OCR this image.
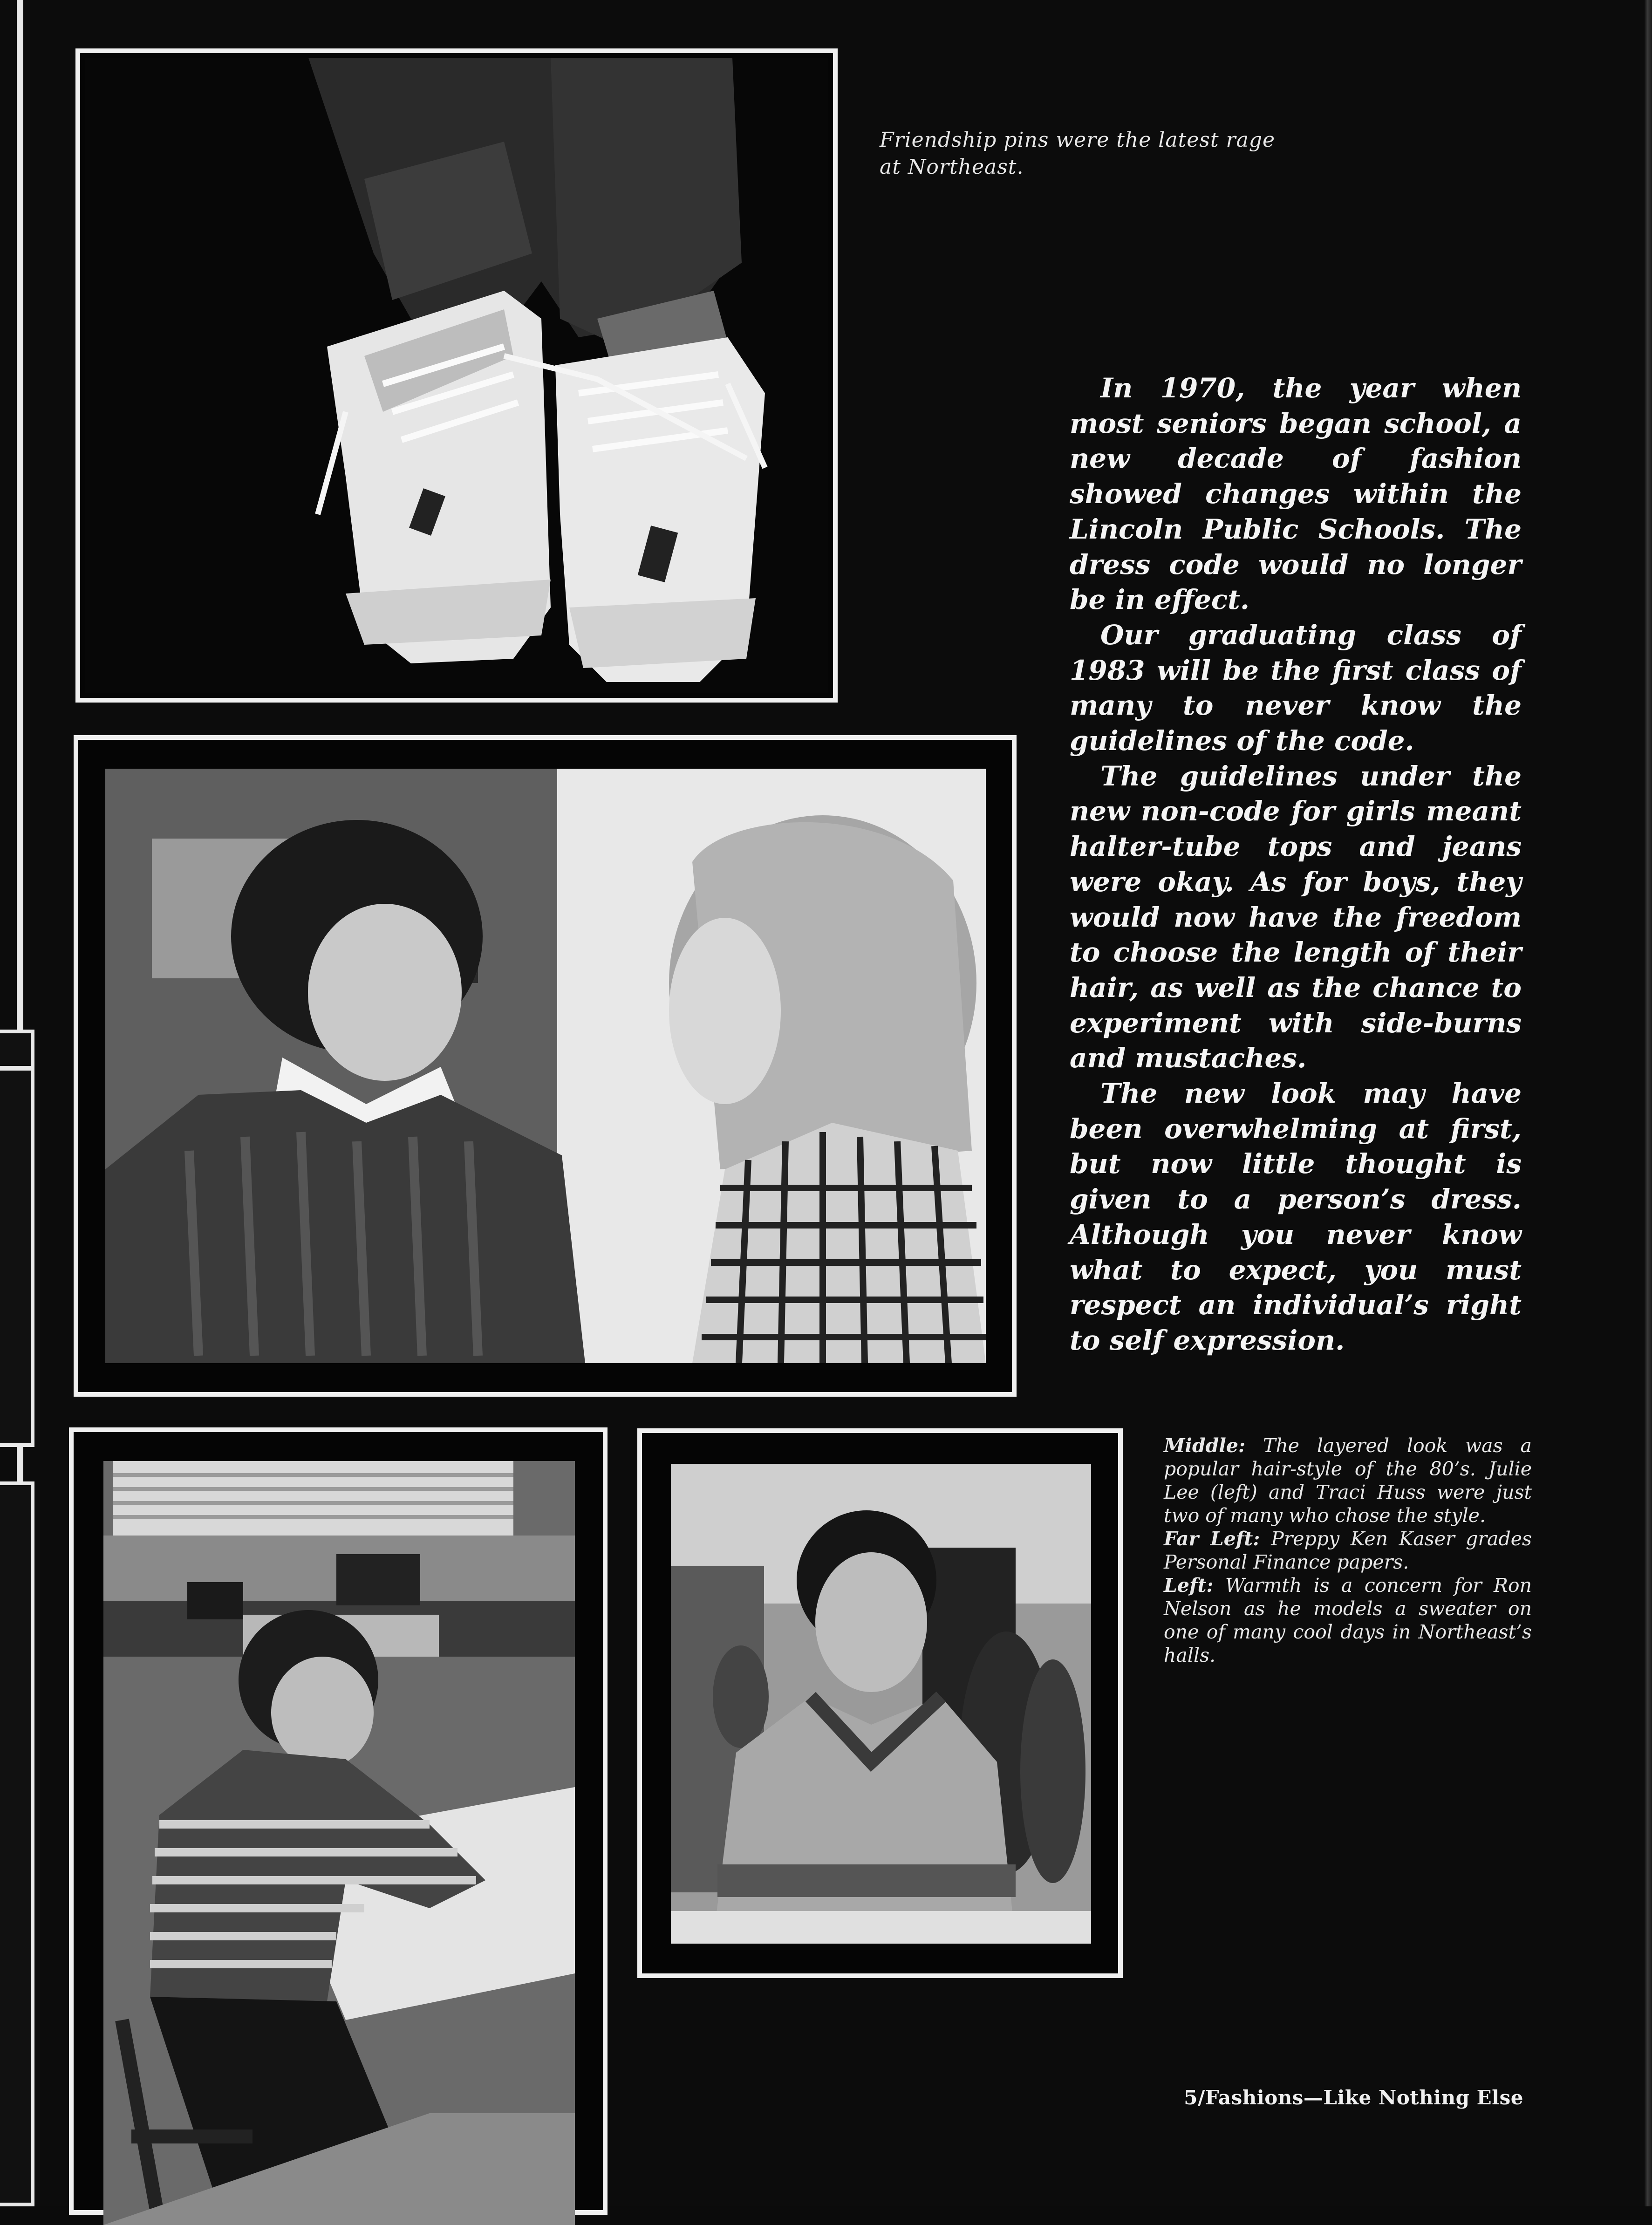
Friendship pins were the latest rage at Northeast.

In 1970, the year when most seniors began school, a new decade of fashion showed changes within the Lincoln Public Schools. The dress code would no longer be in effect.

Our graduating class of 1983 will be the first class of many to never know the guidelines of the code.

The guidelines under the new non-code for girls meant halter-tube tops and jeans were okay. As for boys, they would now have the freedom to choose the length of their hair, as well as the chance to experiment with side-burns and mustaches.

The new look may have been overwhelming at first, but now little thought is given to a person’s dress. Although you never know what to expect, you must respect an individual’s right to self expression.

Middle: The layered look was a popular hair-style of the 80’s. Julie Lee (left) and Traci Huss were just two of many who chose the style.

Far Left: Preppy Ken Kaser grades Personal Finance papers.

Left: Warmth is a concern for Ron Nelson as he models a sweater on one of many cool days in Northeast’s halls.

5/Fashions—Like Nothing Else
